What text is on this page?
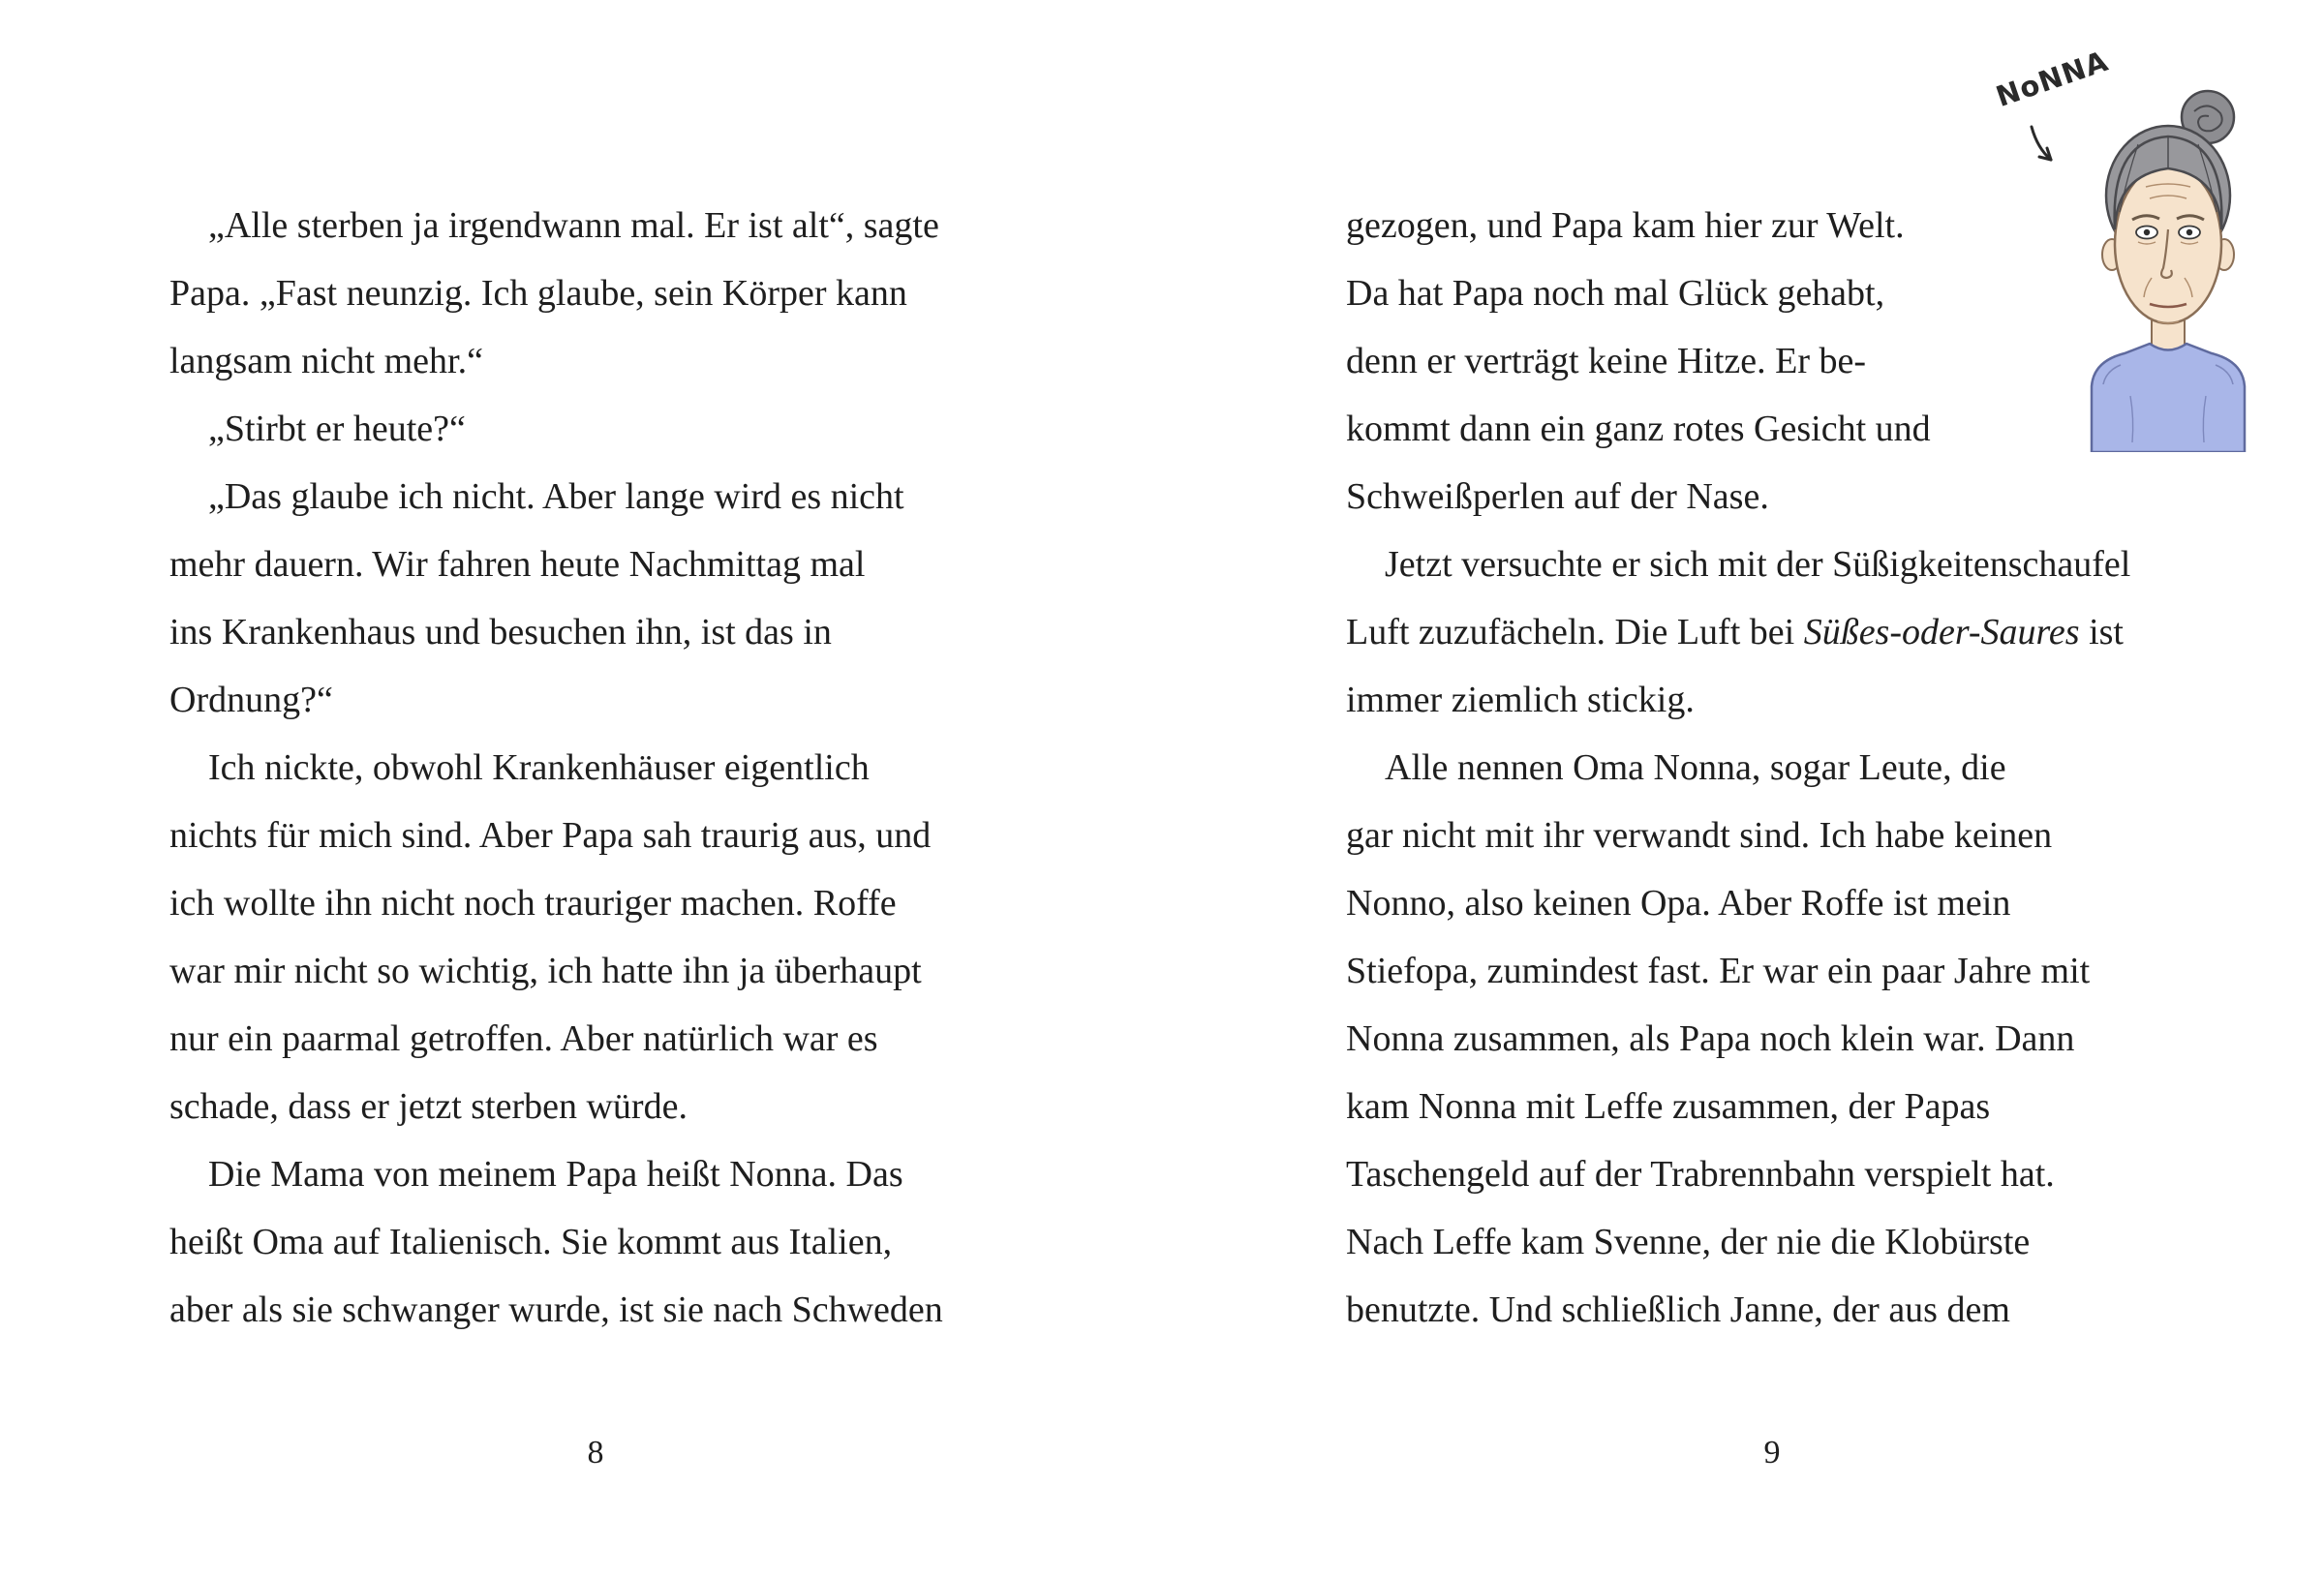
„Alle sterben ja irgendwann mal. Er ist alt“, sagte
Papa. „Fast neunzig. Ich glaube, sein Körper kann
langsam nicht mehr.“
„Stirbt er heute?“
„Das glaube ich nicht. Aber lange wird es nicht
mehr dauern. Wir fahren heute Nachmittag mal
ins Krankenhaus und besuchen ihn, ist das in
Ordnung?“
Ich nickte, obwohl Krankenhäuser eigentlich
nichts für mich sind. Aber Papa sah traurig aus, und
ich wollte ihn nicht noch trauriger machen. Roffe
war mir nicht so wichtig, ich hatte ihn ja überhaupt
nur ein paarmal getroffen. Aber natürlich war es
schade, dass er jetzt sterben würde.
Die Mama von meinem Papa heißt Nonna. Das
heißt Oma auf Italienisch. Sie kommt aus Italien,
aber als sie schwanger wurde, ist sie nach Schweden
8
gezogen, und Papa kam hier zur Welt.
Da hat Papa noch mal Glück gehabt,
denn er verträgt keine Hitze. Er be-
kommt dann ein ganz rotes Gesicht und
Schweißperlen auf der Nase.
Jetzt versuchte er sich mit der Süßigkeitenschaufel
Luft zuzufächeln. Die Luft bei Süßes-oder-Saures ist
immer ziemlich stickig.
Alle nennen Oma Nonna, sogar Leute, die
gar nicht mit ihr verwandt sind. Ich habe keinen
Nonno, also keinen Opa. Aber Roffe ist mein
Stiefopa, zumindest fast. Er war ein paar Jahre mit
Nonna zusammen, als Papa noch klein war. Dann
kam Nonna mit Leffe zusammen, der Papas
Taschengeld auf der Trabrennbahn verspielt hat.
Nach Leffe kam Svenne, der nie die Klobürste
benutzte. Und schließlich Janne, der aus dem
9
NoNNA
